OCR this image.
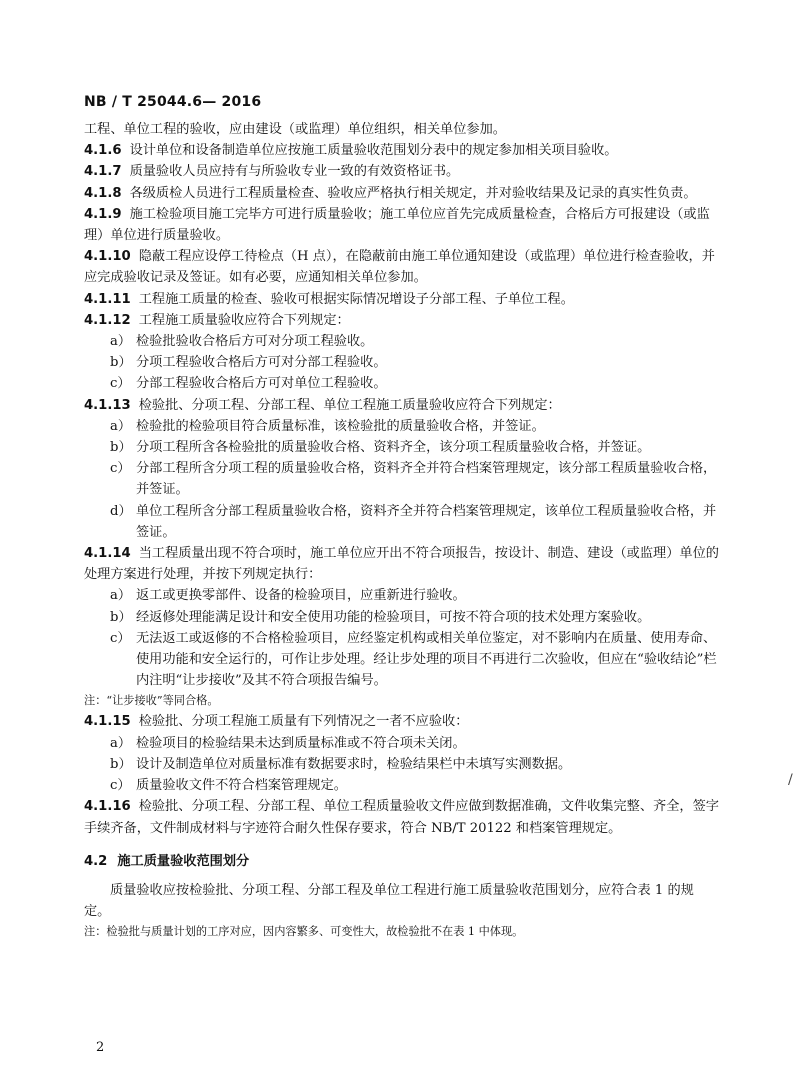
NB / T 25044.6— 2016

工程、单位工程的验收，应由建设（或监理）单位组织，相关单位参加。

4.1.6 设计单位和设备制造单位应按施工质量验收范围划分表中的规定参加相关项目验收。

4.1.7 质量验收人员应持有与所验收专业一致的有效资格证书。

4.1.8 各级质检人员进行工程质量检查、验收应严格执行相关规定，并对验收结果及记录的真实性负责。

4.1.9 施工检验项目施工完毕方可进行质量验收；施工单位应首先完成质量检查，合格后方可报建设（或监理）单位进行质量验收。

4.1.10 隐蔽工程应设停工待检点（H 点），在隐蔽前由施工单位通知建设（或监理）单位进行检查验收，并应完成验收记录及签证。如有必要，应通知相关单位参加。

4.1.11 工程施工质量的检查、验收可根据实际情况增设子分部工程、子单位工程。

4.1.12 工程施工质量验收应符合下列规定：

a） 检验批验收合格后方可对分项工程验收。

b） 分项工程验收合格后方可对分部工程验收。

c） 分部工程验收合格后方可对单位工程验收。

4.1.13 检验批、分项工程、分部工程、单位工程施工质量验收应符合下列规定：

a） 检验批的检验项目符合质量标准，该检验批的质量验收合格，并签证。

b） 分项工程所含各检验批的质量验收合格、资料齐全，该分项工程质量验收合格，并签证。

c） 分部工程所含分项工程的质量验收合格，资料齐全并符合档案管理规定，该分部工程质量验收合格，并签证。

d） 单位工程所含分部工程质量验收合格，资料齐全并符合档案管理规定，该单位工程质量验收合格，并签证。

4.1.14 当工程质量出现不符合项时，施工单位应开出不符合项报告，按设计、制造、建设（或监理）单位的处理方案进行处理，并按下列规定执行：

a） 返工或更换零部件、设备的检验项目，应重新进行验收。

b） 经返修处理能满足设计和安全使用功能的检验项目，可按不符合项的技术处理方案验收。

c） 无法返工或返修的不合格检验项目，应经鉴定机构或相关单位鉴定，对不影响内在质量、使用寿命、使用功能和安全运行的，可作让步处理。经让步处理的项目不再进行二次验收，但应在“验收结论”栏内注明“让步接收”及其不符合项报告编号。

注：“让步接收”等同合格。

4.1.15 检验批、分项工程施工质量有下列情况之一者不应验收：

a） 检验项目的检验结果未达到质量标准或不符合项未关闭。

b） 设计及制造单位对质量标准有数据要求时，检验结果栏中未填写实测数据。

c） 质量验收文件不符合档案管理规定。

4.1.16 检验批、分项工程、分部工程、单位工程质量验收文件应做到数据准确，文件收集完整、齐全，签字手续齐备，文件制成材料与字迹符合耐久性保存要求，符合 NB/T 20122 和档案管理规定。

4.2 施工质量验收范围划分

质量验收应按检验批、分项工程、分部工程及单位工程进行施工质量验收范围划分，应符合表 1 的规定。

注：检验批与质量计划的工序对应，因内容繁多、可变性大，故检验批不在表 1 中体现。

/
2
